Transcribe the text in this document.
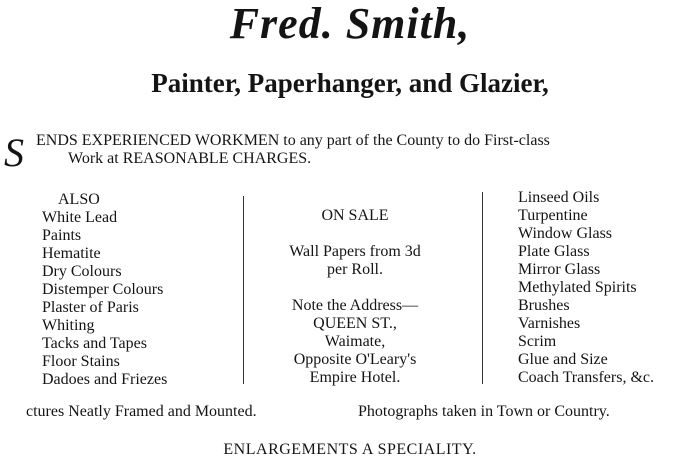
Fred. Smith,
Painter, Paperhanger, and Glazier,
S ENDS EXPERIENCED WORKMEN to any part of the County to do First-class
Work at REASONABLE CHARGES.
ALSO
White Lead
Paints
Hematite
Dry Colours
Distemper Colours
Plaster of Paris
Whiting
Tacks and Tapes
Floor Stains
Dadoes and Friezes
ON SALE
Wall Papers from 3d
per Roll.
Note the Address—
QUEEN ST.,
Waimate,
Opposite O'Leary's
Empire Hotel.
Linseed Oils
Turpentine
Window Glass
Plate Glass
Mirror Glass
Methylated Spirits
Brushes
Varnishes
Scrim
Glue and Size
Coach Transfers, &c.
ctures Neatly Framed and Mounted.	Photographs taken in Town or Country.
ENLARGEMENTS A SPECIALITY.
